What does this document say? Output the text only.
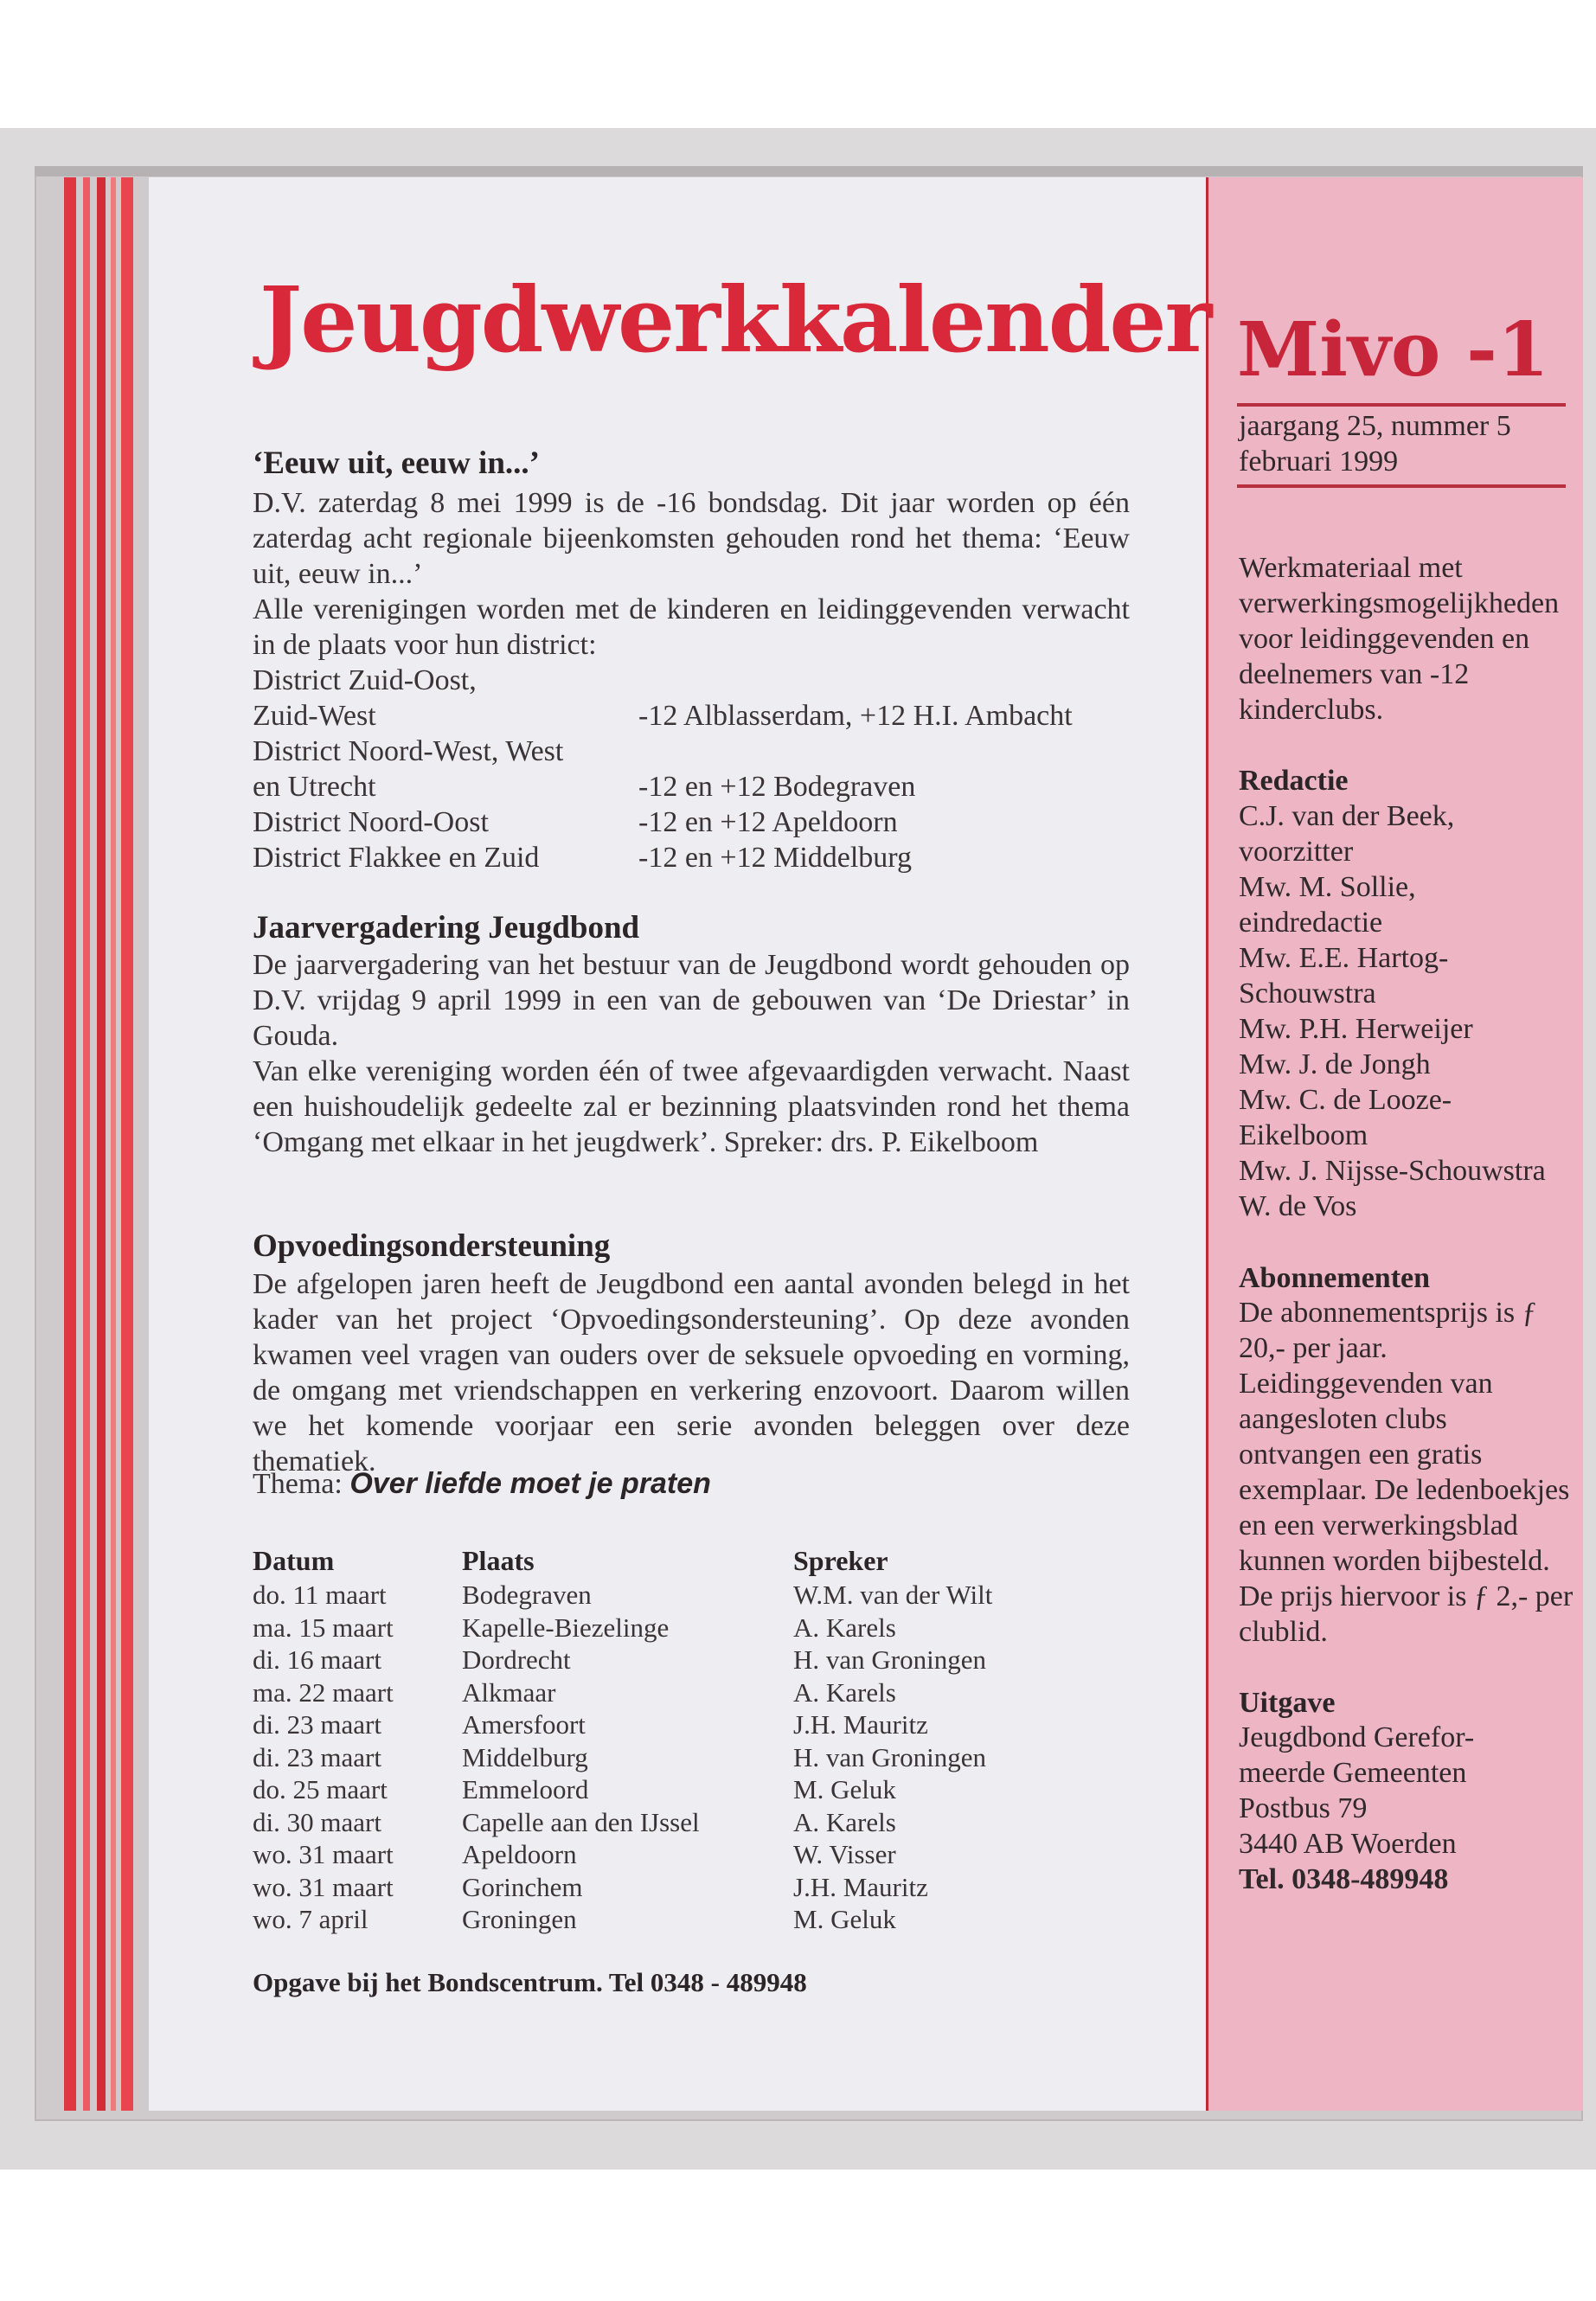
Jeugdwerkkalender
‘Eeuw uit, eeuw in...’
D.V. zaterdag 8 mei 1999 is de -16 bondsdag. Dit jaar worden op één zaterdag acht regionale bijeenkomsten gehouden rond het thema: ‘Eeuw uit, eeuw in...’
Alle verenigingen worden met de kinderen en leidinggevenden verwacht in de plaats voor hun district:
District Zuid-Oost,
Zuid-West	-12 Alblasserdam, +12 H.I. Ambacht
District Noord-West, West
en Utrecht	-12 en +12 Bodegraven
District Noord-Oost	-12 en +12 Apeldoorn
District Flakkee en Zuid	-12 en +12 Middelburg
Jaarvergadering Jeugdbond
De jaarvergadering van het bestuur van de Jeugdbond wordt gehouden op D.V. vrijdag 9 april 1999 in een van de gebouwen van ‘De Driestar’ in Gouda.
Van elke vereniging worden één of twee afgevaardigden verwacht. Naast een huishoudelijk gedeelte zal er bezinning plaatsvinden rond het thema ‘Omgang met elkaar in het jeugdwerk’. Spreker: drs. P. Eikelboom
Opvoedingsondersteuning
De afgelopen jaren heeft de Jeugdbond een aantal avonden belegd in het kader van het project ‘Opvoedingsondersteuning’. Op deze avonden kwamen veel vragen van ouders over de seksuele opvoeding en vorming, de omgang met vriendschappen en verkering enzovoort. Daarom willen we het komende voorjaar een serie avonden beleggen over deze thematiek.
Thema: Over liefde moet je praten
Datum	Plaats	Spreker
do. 11 maart	Bodegraven	W.M. van der Wilt
ma. 15 maart	Kapelle-Biezelinge	A. Karels
di. 16 maart	Dordrecht	H. van Groningen
ma. 22 maart	Alkmaar	A. Karels
di. 23 maart	Amersfoort	J.H. Mauritz
di. 23 maart	Middelburg	H. van Groningen
do. 25 maart	Emmeloord	M. Geluk
di. 30 maart	Capelle aan den IJssel	A. Karels
wo. 31 maart	Apeldoorn	W. Visser
wo. 31 maart	Gorinchem	J.H. Mauritz
wo. 7 april	Groningen	M. Geluk
Opgave bij het Bondscentrum. Tel 0348 - 489948
Mivo -1
jaargang 25, nummer 5
februari 1999
Werkmateriaal met verwerkingsmogelijkheden voor leidinggevenden en deelnemers van -12 kinderclubs.
Redactie
C.J. van der Beek,
voorzitter
Mw. M. Sollie,
eindredactie
Mw. E.E. Hartog-
Schouwstra
Mw. P.H. Herweijer
Mw. J. de Jongh
Mw. C. de Looze-
Eikelboom
Mw. J. Nijsse-Schouwstra
W. de Vos
Abonnementen
De abonnementsprijs is ƒ 20,- per jaar. Leidinggevenden van aangesloten clubs ontvangen een gratis exemplaar. De ledenboekjes en een verwerkingsblad kunnen worden bijbesteld. De prijs hiervoor is ƒ 2,- per clublid.
Uitgave
Jeugdbond Gerefor-
meerde Gemeenten
Postbus 79
3440 AB Woerden
Tel. 0348-489948
